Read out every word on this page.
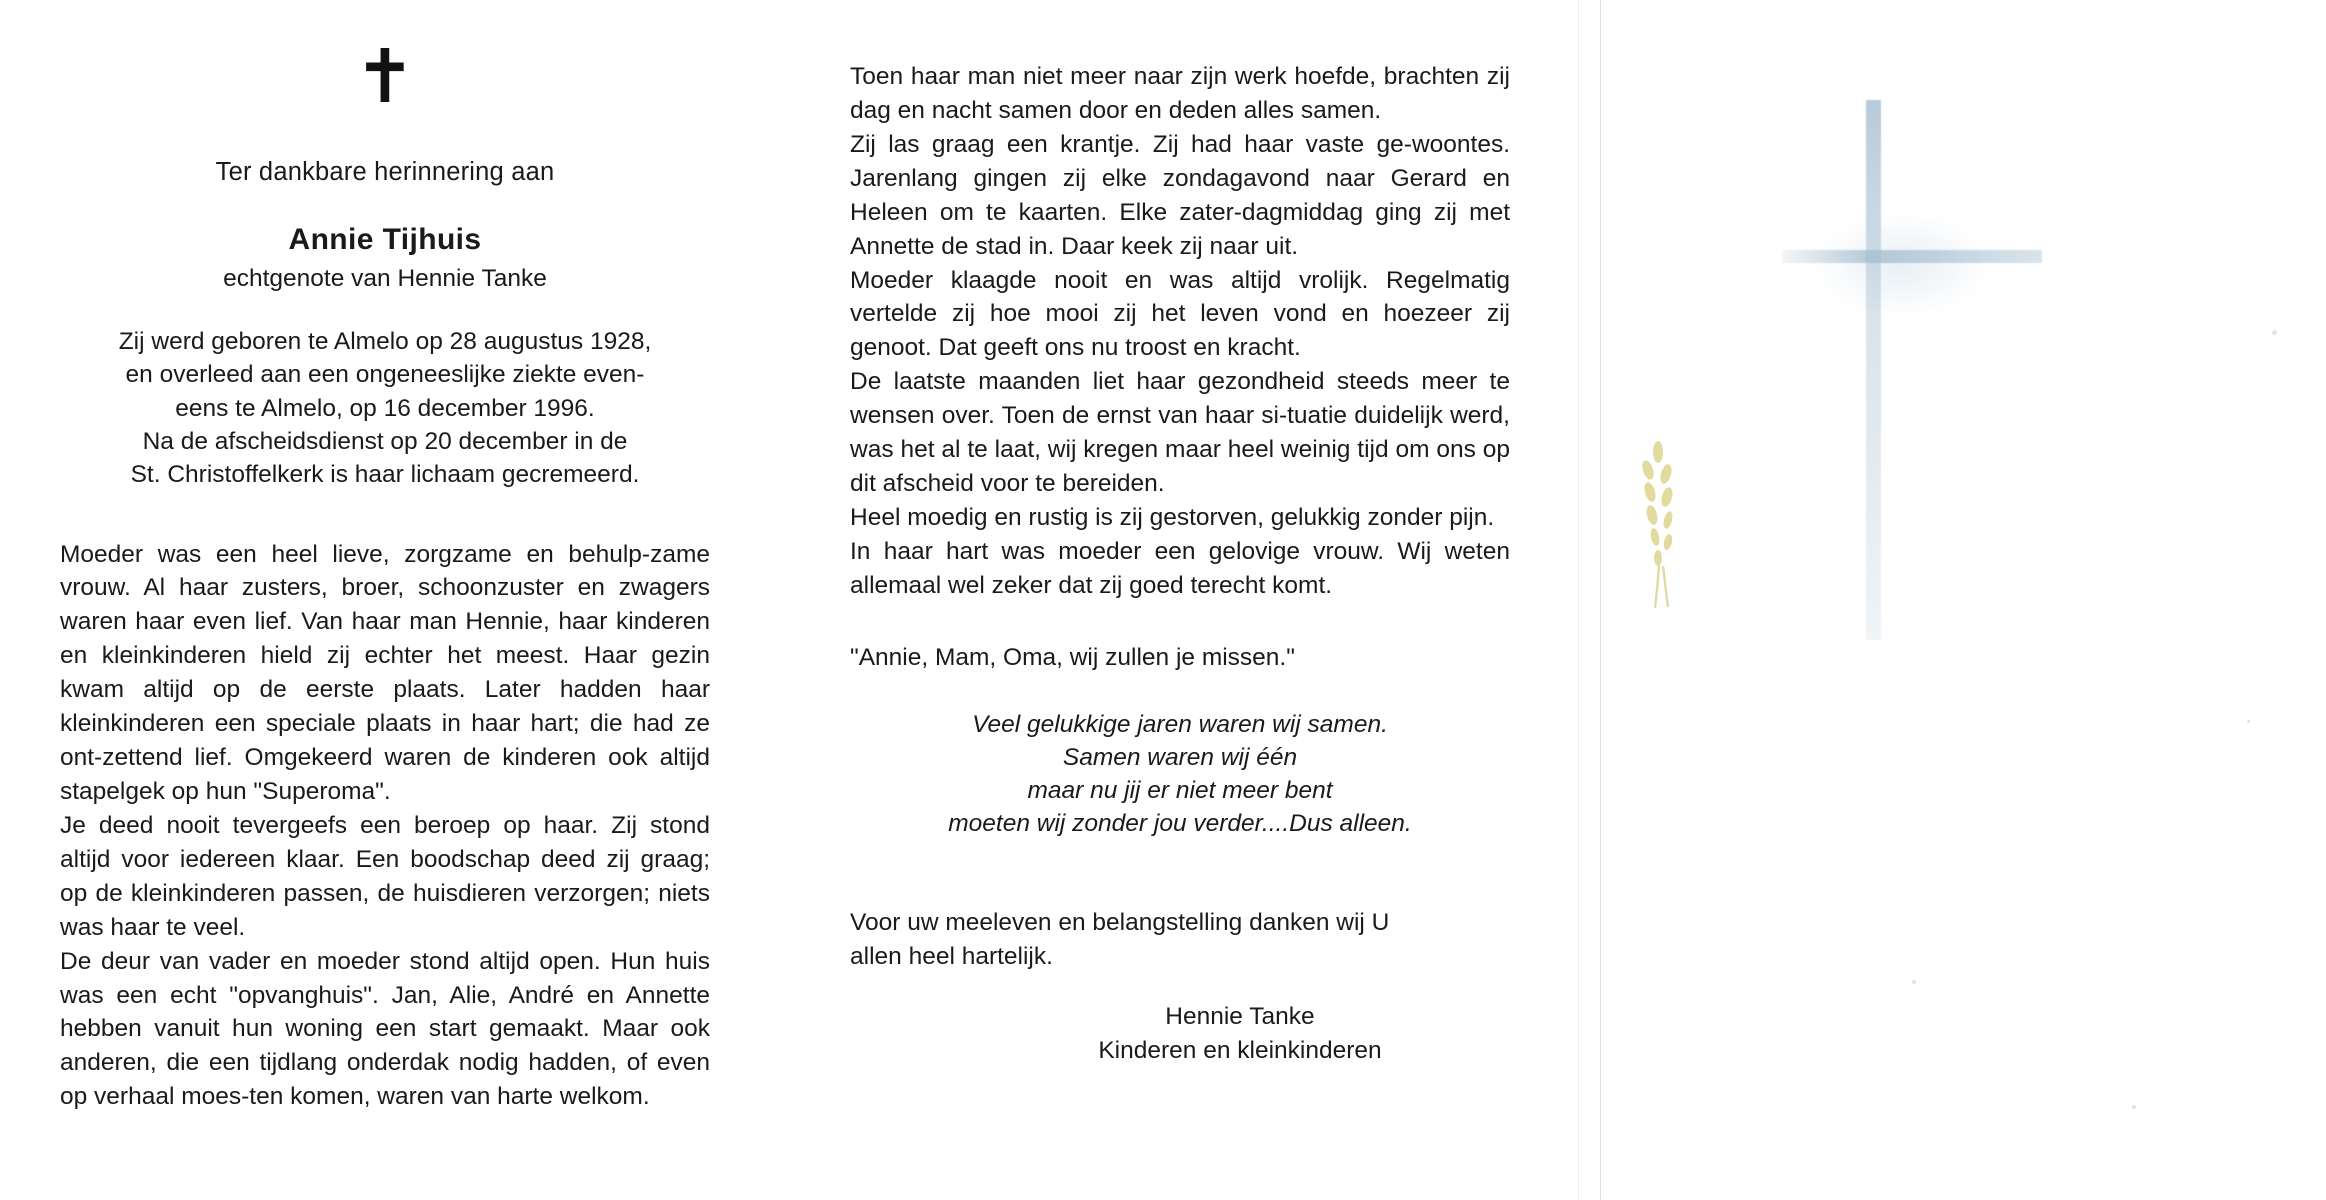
✝
Ter dankbare herinnering aan
Annie Tijhuis
echtgenote van Hennie Tanke
Zij werd geboren te Almelo op 28 augustus 1928,
en overleed aan een ongeneeslijke ziekte even-
eens te Almelo, op 16 december 1996.
Na de afscheidsdienst op 20 december in de
St. Christoffelkerk is haar lichaam gecremeerd.

Moeder was een heel lieve, zorgzame en behulp-zame vrouw. Al haar zusters, broer, schoonzuster en zwagers waren haar even lief. Van haar man Hennie, haar kinderen en kleinkinderen hield zij echter het meest. Haar gezin kwam altijd op de eerste plaats. Later hadden haar kleinkinderen een speciale plaats in haar hart; die had ze ont-zettend lief. Omgekeerd waren de kinderen ook altijd stapelgek op hun "Superoma".

Je deed nooit tevergeefs een beroep op haar. Zij stond altijd voor iedereen klaar. Een boodschap deed zij graag; op de kleinkinderen passen, de huisdieren verzorgen; niets was haar te veel.

De deur van vader en moeder stond altijd open. Hun huis was een echt "opvanghuis". Jan, Alie, André en Annette hebben vanuit hun woning een start gemaakt. Maar ook anderen, die een tijdlang onderdak nodig hadden, of even op verhaal moes-ten komen, waren van harte welkom.

Toen haar man niet meer naar zijn werk hoefde, brachten zij dag en nacht samen door en deden alles samen.

Zij las graag een krantje. Zij had haar vaste ge-woontes. Jarenlang gingen zij elke zondagavond naar Gerard en Heleen om te kaarten. Elke zater-dagmiddag ging zij met Annette de stad in. Daar keek zij naar uit.

Moeder klaagde nooit en was altijd vrolijk. Regelmatig vertelde zij hoe mooi zij het leven vond en hoezeer zij genoot. Dat geeft ons nu troost en kracht.

De laatste maanden liet haar gezondheid steeds meer te wensen over. Toen de ernst van haar si-tuatie duidelijk werd, was het al te laat, wij kregen maar heel weinig tijd om ons op dit afscheid voor te bereiden.

Heel moedig en rustig is zij gestorven, gelukkig zonder pijn.

In haar hart was moeder een gelovige vrouw. Wij weten allemaal wel zeker dat zij goed terecht komt.

"Annie, Mam, Oma, wij zullen je missen."
Veel gelukkige jaren waren wij samen.
Samen waren wij één
maar nu jij er niet meer bent
moeten wij zonder jou verder....Dus alleen.
Voor uw meeleven en belangstelling danken wij U
allen heel hartelijk.
Hennie Tanke
Kinderen en kleinkinderen
